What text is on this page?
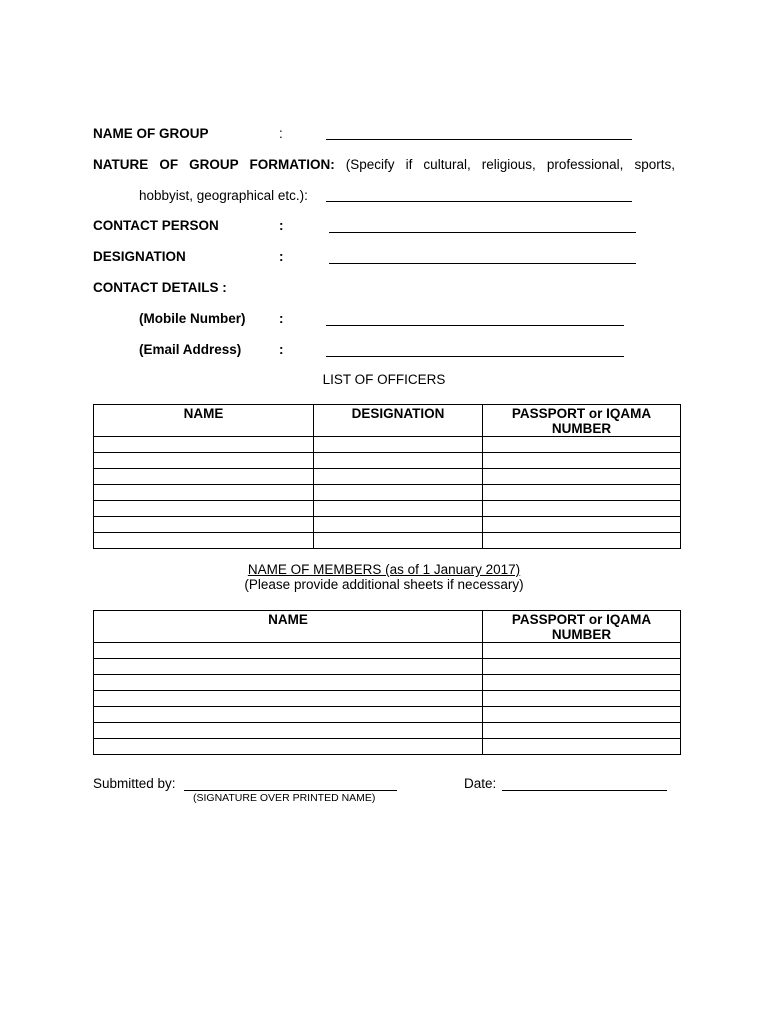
NAME OF GROUP	:
NATURE OF GROUP FORMATION: (Specify if cultural, religious, professional, sports,
hobbyist, geographical etc.):
CONTACT PERSON	:
DESIGNATION	:
CONTACT DETAILS :
(Mobile Number) :
(Email Address)	:
LIST OF OFFICERS
NAME	DESIGNATION	PASSPORT or IQAMA
NUMBER

NAME OF MEMBERS (as of 1 January 2017)
(Please provide additional sheets if necessary)
NAME	PASSPORT or IQAMA
NUMBER

Submitted by:
(SIGNATURE OVER PRINTED NAME)
Date:
